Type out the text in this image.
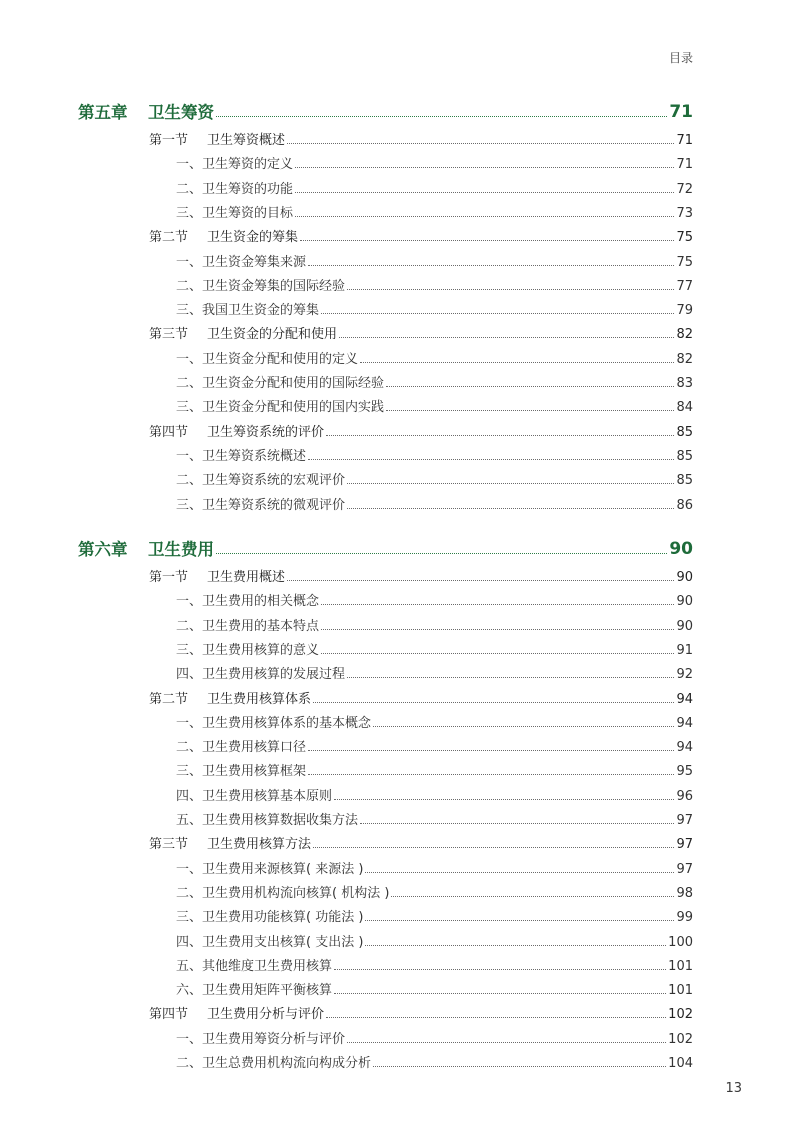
目录
第五章	卫生筹资	71
第一节	卫生筹资概述	71
一、卫生筹资的定义	71
二、卫生筹资的功能	72
三、卫生筹资的目标	73
第二节	卫生资金的筹集	75
一、卫生资金筹集来源	75
二、卫生资金筹集的国际经验	77
三、我国卫生资金的筹集	79
第三节	卫生资金的分配和使用	82
一、卫生资金分配和使用的定义	82
二、卫生资金分配和使用的国际经验	83
三、卫生资金分配和使用的国内实践	84
第四节	卫生筹资系统的评价	85
一、卫生筹资系统概述	85
二、卫生筹资系统的宏观评价	85
三、卫生筹资系统的微观评价	86
第六章	卫生费用	90
第一节	卫生费用概述	90
一、卫生费用的相关概念	90
二、卫生费用的基本特点	90
三、卫生费用核算的意义	91
四、卫生费用核算的发展过程	92
第二节	卫生费用核算体系	94
一、卫生费用核算体系的基本概念	94
二、卫生费用核算口径	94
三、卫生费用核算框架	95
四、卫生费用核算基本原则	96
五、卫生费用核算数据收集方法	97
第三节	卫生费用核算方法	97
一、卫生费用来源核算( 来源法 )	97
二、卫生费用机构流向核算( 机构法 )	98
三、卫生费用功能核算( 功能法 )	99
四、卫生费用支出核算( 支出法 )	100
五、其他维度卫生费用核算	101
六、卫生费用矩阵平衡核算	101
第四节	卫生费用分析与评价	102
一、卫生费用筹资分析与评价	102
二、卫生总费用机构流向构成分析	104
13
